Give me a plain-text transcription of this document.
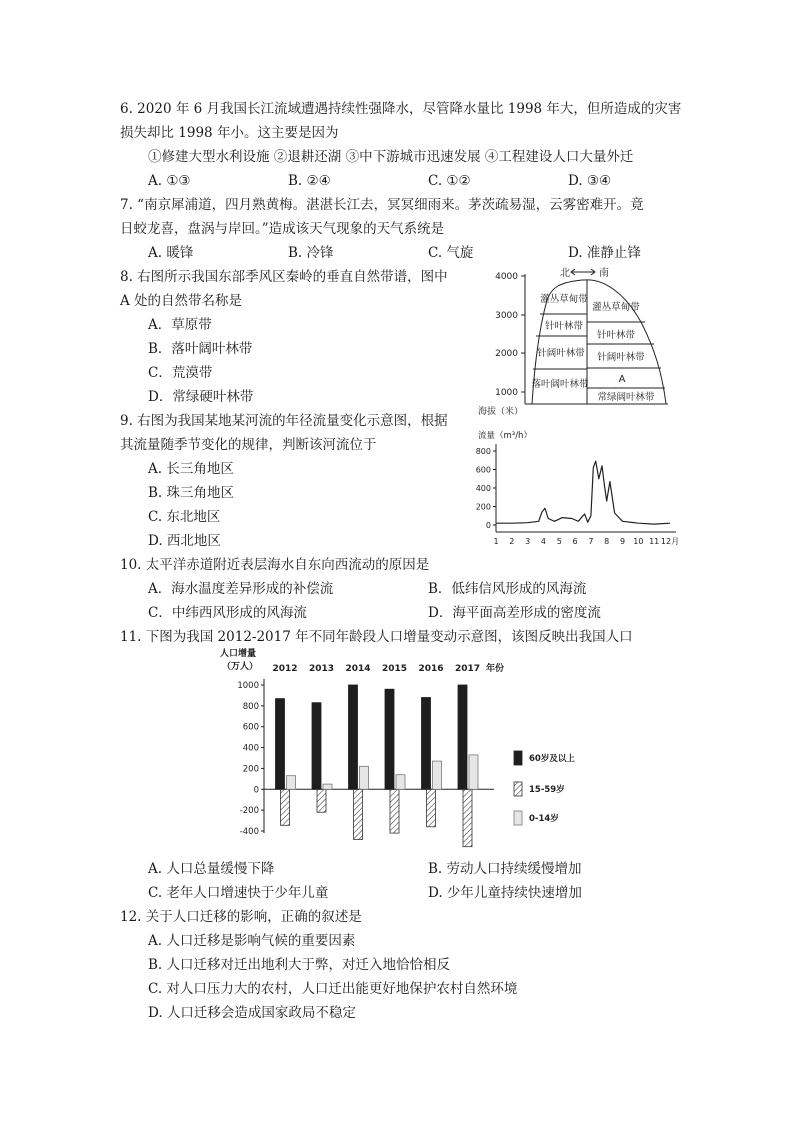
6. 2020 年 6 月我国长江流域遭遇持续性强降水，尽管降水量比 1998 年大，但所造成的灾害
损失却比 1998 年小。这主要是因为
①修建大型水利设施 ②退耕还湖 ③中下游城市迅速发展 ④工程建设人口大量外迁
A. ①③	B. ②④	C. ①②	D. ③④
7. “南京犀浦道，四月熟黄梅。湛湛长江去，冥冥细雨来。茅茨疏易湿，云雾密难开。竟
日蛟龙喜，盘涡与岸回。”造成该天气现象的天气系统是
A. 暖锋	B. 冷锋	C. 气旋	D. 准静止锋
8. 右图所示我国东部季风区秦岭的垂直自然带谱，图中
A 处的自然带名称是
A．草原带
B．落叶阔叶林带
C．荒漠带
D．常绿硬叶林带
9. 右图为我国某地某河流的年径流量变化示意图，根据
其流量随季节变化的规律，判断该河流位于
A. 长三角地区
B. 珠三角地区
C. 东北地区
D. 西北地区
10. 太平洋赤道附近表层海水自东向西流动的原因是
A．海水温度差异形成的补偿流	B．低纬信风形成的风海流
C．中纬西风形成的风海流	D．海平面高差形成的密度流
11. 下图为我国 2012-2017 年不同年龄段人口增量变动示意图，该图反映出我国人口
A. 人口总量缓慢下降	B. 劳动人口持续缓慢增加
C. 老年人口增速快于少年儿童	D. 少年儿童持续快速增加
12. 关于人口迁移的影响，正确的叙述是
A. 人口迁移是影响气候的重要因素
B. 人口迁移对迁出地利大于弊，对迁入地恰恰相反
C. 对人口压力大的农村，人口迁出能更好地保护农村自然环境
D. 人口迁移会造成国家政局不稳定
北	南
4000
3000
2000
1000
海拔（米）
灌丛草甸带
针叶林带
针阔叶林带
落叶阔叶林带
灌丛草甸带
针叶林带
针阔叶林带
A
常绿阔叶林带
流量（m³/h）
800
600
400
200
0
1 2 3 4 5 6 7 8 9 10 11 12月
人口增量
（万人）	年份
1000
800
600
400
200
0
-200
-400
2012 2013 2014 2015 2016 2017
60岁及以上
15-59岁
0-14岁
